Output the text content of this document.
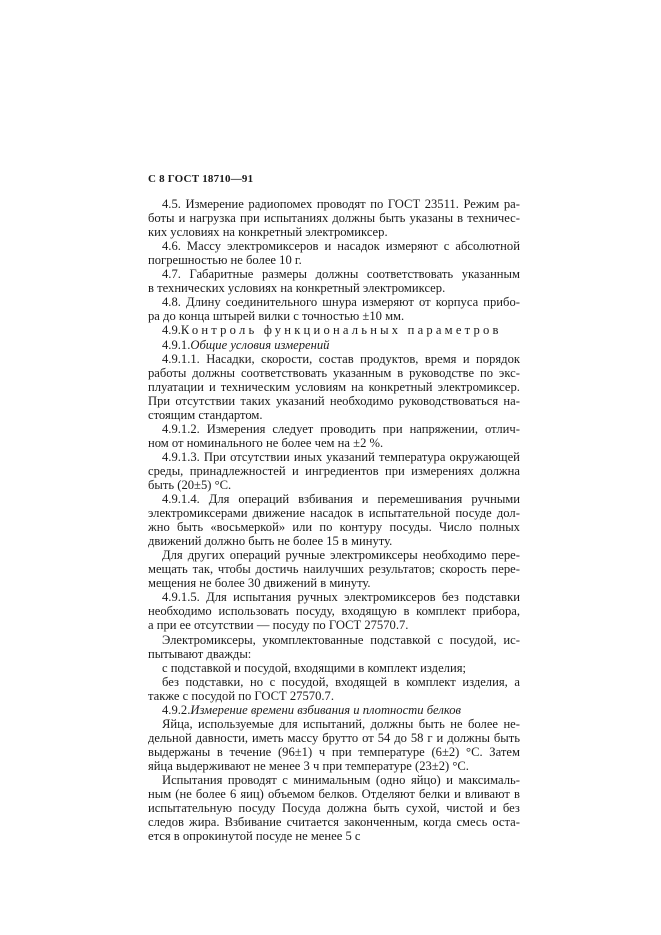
С 8 ГОСТ 18710—91
4.5. Измерение радиопомех проводят по ГОСТ 23511. Режим ра-
боты и нагрузка при испытаниях должны быть указаны в техничес-
ких условиях на конкретный электромиксер.
4.6. Массу электромиксеров и насадок измеряют с абсолютной
погрешностью не более 10 г.
4.7. Габаритные размеры должны соответствовать указанным
в технических условиях на конкретный электромиксер.
4.8. Длину соединительного шнура измеряют от корпуса прибо-
ра до конца штырей вилки с точностью ±10 мм.
4.9. Контроль функциональных параметров
4.9.1. Общие условия измерений
4.9.1.1. Насадки, скорости, состав продуктов, время и порядок
работы должны соответствовать указанным в руководстве по экс-
плуатации и техническим условиям на конкретный электромиксер.
При отсутствии таких указаний необходимо руководствоваться на-
стоящим стандартом.
4.9.1.2. Измерения следует проводить при напряжении, отлич-
ном от номинального не более чем на ±2 %.
4.9.1.3. При отсутствии иных указаний температура окружающей
среды, принадлежностей и ингредиентов при измерениях должна
быть (20±5) °С.
4.9.1.4. Для операций взбивания и перемешивания ручными
электромиксерами движение насадок в испытательной посуде дол-
жно быть «восьмеркой» или по контуру посуды. Число полных
движений должно быть не более 15 в минуту.
Для других операций ручные электромиксеры необходимо пере-
мещать так, чтобы достичь наилучших результатов; скорость пере-
мещения не более 30 движений в минуту.
4.9.1.5. Для испытания ручных электромиксеров без подставки
необходимо использовать посуду, входящую в комплект прибора,
а при ее отсутствии — посуду по ГОСТ 27570.7.
Электромиксеры, укомплектованные подставкой с посудой, ис-
пытывают дважды:
с подставкой и посудой, входящими в комплект изделия;
без подставки, но с посудой, входящей в комплект изделия, а
также с посудой по ГОСТ 27570.7.
4.9.2. Измерение времени взбивания и плотности белков
Яйца, используемые для испытаний, должны быть не более не-
дельной давности, иметь массу брутто от 54 до 58 г и должны быть
выдержаны в течение (96±1) ч при температуре (6±2) °С. Затем
яйца выдерживают не менее 3 ч при температуре (23±2) °С.
Испытания проводят с минимальным (одно яйцо) и максималь-
ным (не более 6 яиц) объемом белков. Отделяют белки и вливают в
испытательную посуду Посуда должна быть сухой, чистой и без
следов жира. Взбивание считается законченным, когда смесь оста-
ется в опрокинутой посуде не менее 5 с
